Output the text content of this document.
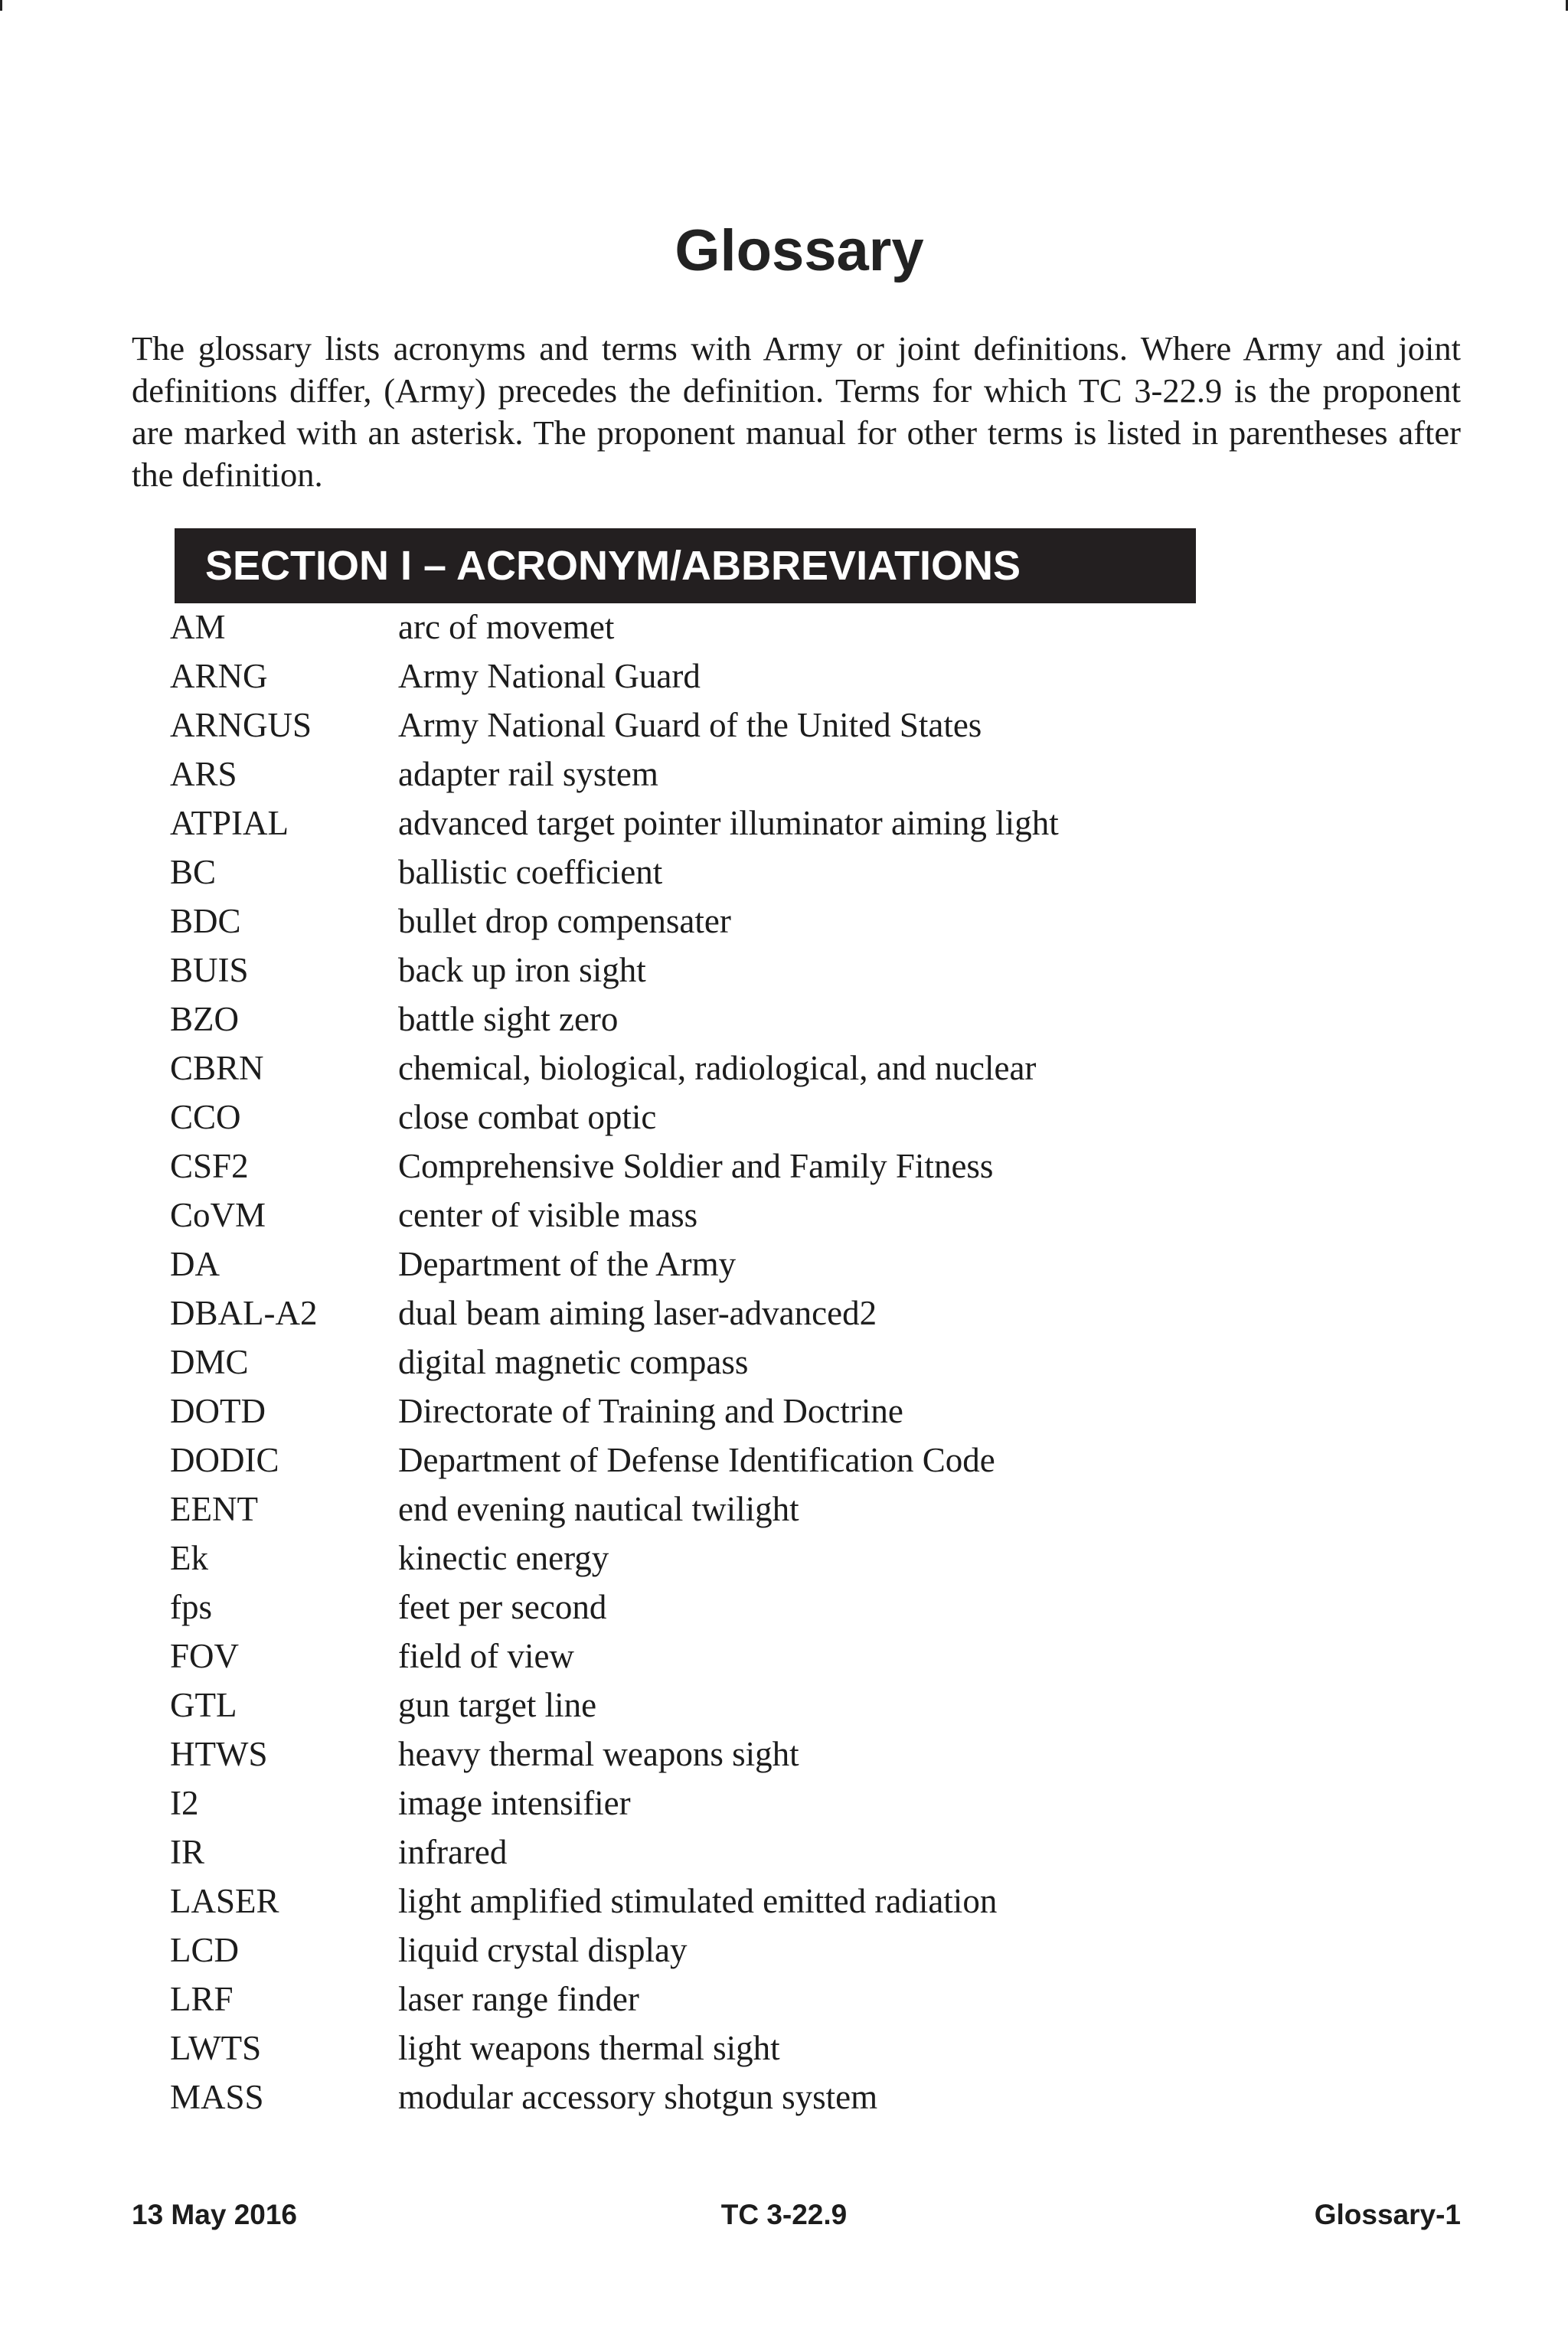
Glossary

The glossary lists acronyms and terms with Army or joint definitions. Where Army and joint definitions differ, (Army) precedes the definition. Terms for which TC 3-22.9 is the proponent are marked with an asterisk. The proponent manual for other terms is listed in parentheses after the definition.

SECTION I – ACRONYM/ABBREVIATIONS
AM	arc of movemet
ARNG	Army National Guard
ARNGUS	Army National Guard of the United States
ARS	adapter rail system
ATPIAL	advanced target pointer illuminator aiming light
BC	ballistic coefficient
BDC	bullet drop compensater
BUIS	back up iron sight
BZO	battle sight zero
CBRN	chemical, biological, radiological, and nuclear
CCO	close combat optic
CSF2	Comprehensive Soldier and Family Fitness
CoVM	center of visible mass
DA	Department of the Army
DBAL-A2 dual beam aiming laser-advanced2
DMC	digital magnetic compass
DOTD	Directorate of Training and Doctrine
DODIC	Department of Defense Identification Code
EENT	end evening nautical twilight
Ek	kinectic energy
fps	feet per second
FOV	field of view
GTL	gun target line
HTWS	heavy thermal weapons sight
I2	image intensifier
IR	infrared
LASER	light amplified stimulated emitted radiation
LCD	liquid crystal display
LRF	laser range finder
LWTS	light weapons thermal sight
MASS	modular accessory shotgun system
13 May 2016	TC 3-22.9	Glossary-1
